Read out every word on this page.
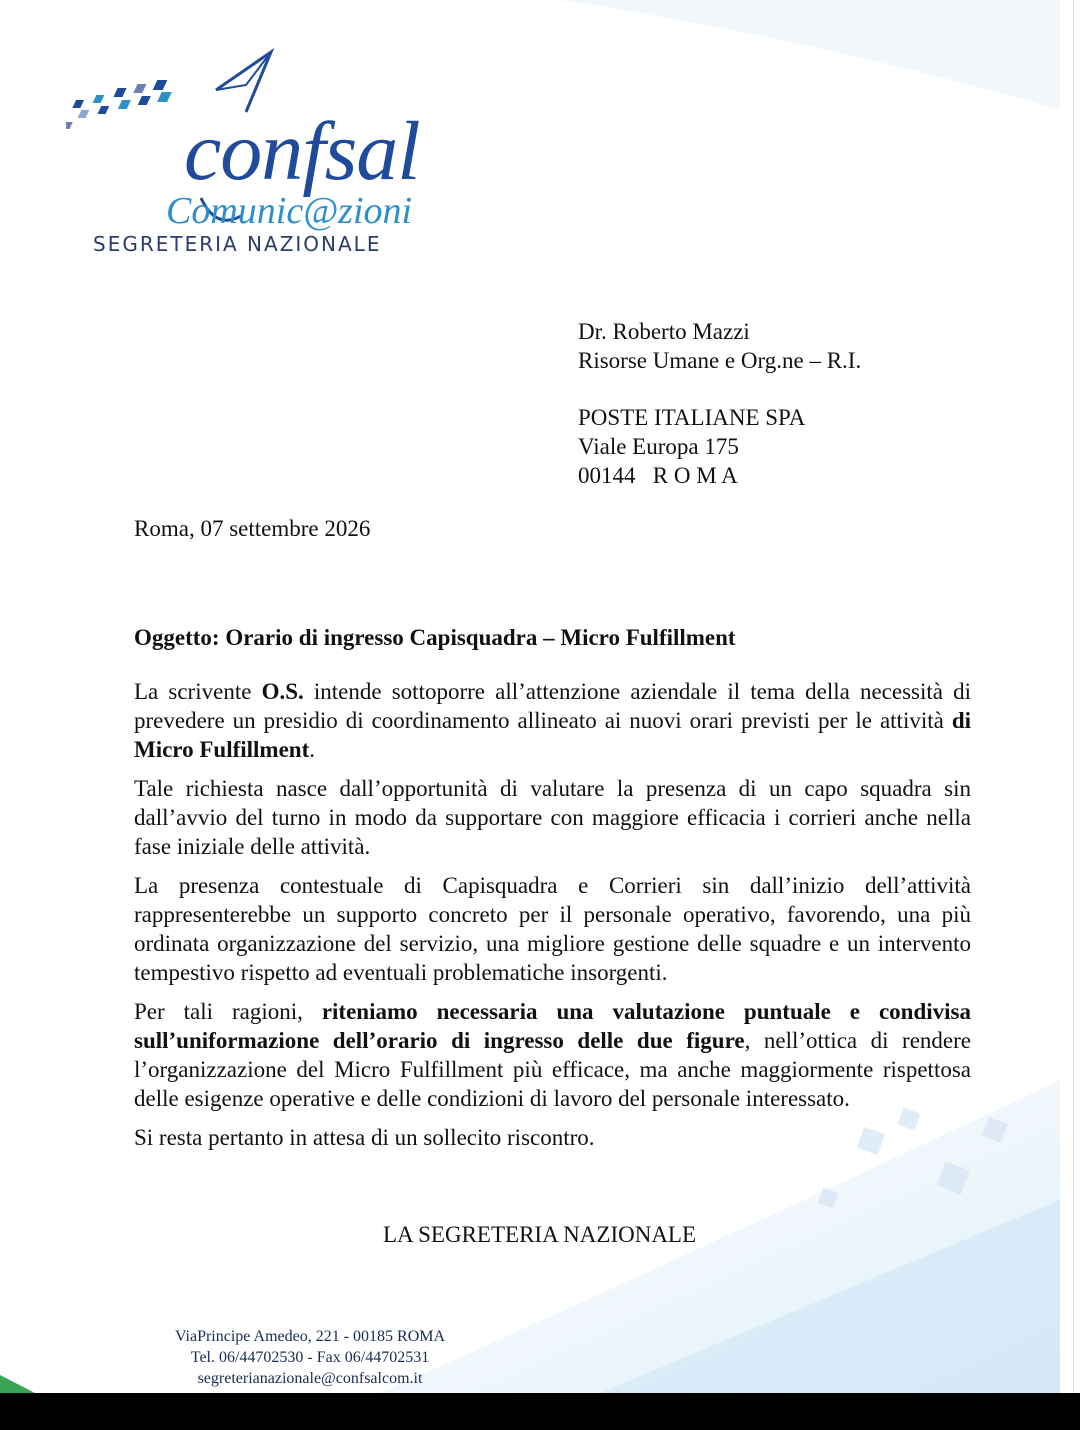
confsal
Comunic@zioni
SEGRETERIA NAZIONALE

Dr. Roberto Mazzi

Risorse Umane e Org.ne – R.I.

POSTE ITALIANE SPA

Viale Europa 175

00144   R O M A

Roma, 07 settembre 2026
Oggetto: Orario di ingresso Capisquadra – Micro Fulfillment

La scrivente O.S. intende sottoporre all’attenzione aziendale il tema della necessità di prevedere un presidio di coordinamento allineato ai nuovi orari previsti per le attività di Micro Fulfillment.

Tale richiesta nasce dall’opportunità di valutare la presenza di un capo squadra sin dall’avvio del turno in modo da supportare con maggiore efficacia i corrieri anche nella fase iniziale delle attività.

La presenza contestuale di Capisquadra e Corrieri sin dall’inizio dell’attività rappresenterebbe un supporto concreto per il personale operativo, favorendo, una più ordinata organizzazione del servizio, una migliore gestione delle squadre e un intervento tempestivo rispetto ad eventuali problematiche insorgenti.

Per tali ragioni, riteniamo necessaria una valutazione puntuale e condivisa sull’uniformazione dell’orario di ingresso delle due figure, nell’ottica di rendere l’organizzazione del Micro Fulfillment più efficace, ma anche maggiormente rispettosa delle esigenze operative e delle condizioni di lavoro del personale interessato.

Si resta pertanto in attesa di un sollecito riscontro.

LA SEGRETERIA NAZIONALE
ViaPrincipe Amedeo, 221 - 00185 ROMA
Tel. 06/44702530 - Fax 06/44702531
segreterianazionale@confsalcom.it
